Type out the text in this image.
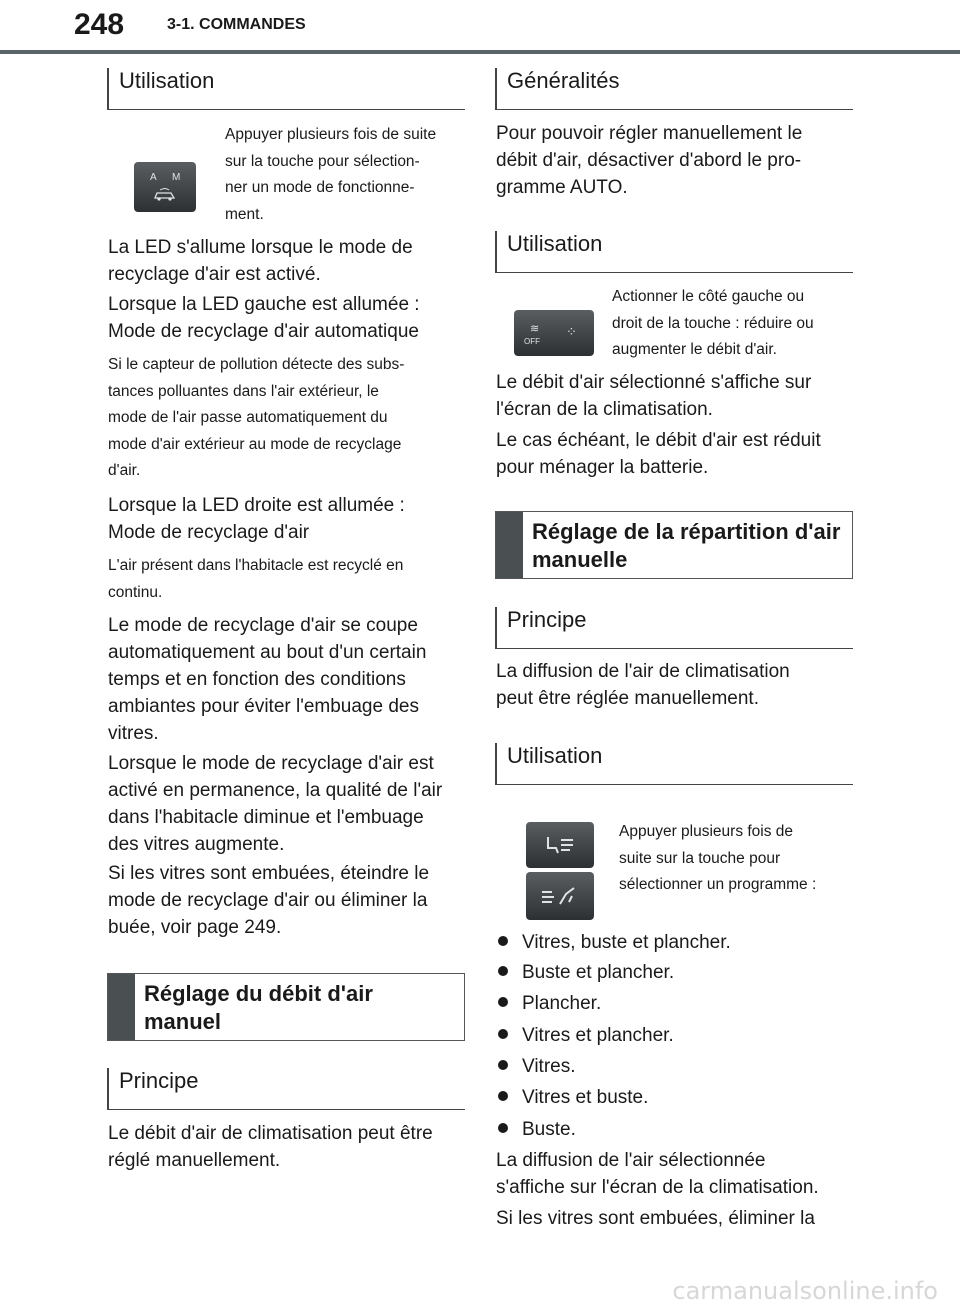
248	3-1. COMMANDES
Utilisation
A M
Appuyer plusieurs fois de suite
sur la touche pour sélection-
ner un mode de fonctionne-
ment.
La LED s'allume lorsque le mode de
recyclage d'air est activé.
Lorsque la LED gauche est allumée :
Mode de recyclage d'air automatique
Si le capteur de pollution détecte des subs-
tances polluantes dans l'air extérieur, le
mode de l'air passe automatiquement du
mode d'air extérieur au mode de recyclage
d'air.
Lorsque la LED droite est allumée :
Mode de recyclage d'air
L'air présent dans l'habitacle est recyclé en
continu.
Le mode de recyclage d'air se coupe
automatiquement au bout d'un certain
temps et en fonction des conditions
ambiantes pour éviter l'embuage des
vitres.
Lorsque le mode de recyclage d'air est
activé en permanence, la qualité de l'air
dans l'habitacle diminue et l'embuage
des vitres augmente.
Si les vitres sont embuées, éteindre le
mode de recyclage d'air ou éliminer la
buée, voir page 249.
Réglage du débit d'air
manuel
Principe
Le débit d'air de climatisation peut être
réglé manuellement.
Généralités
Pour pouvoir régler manuellement le
débit d'air, désactiver d'abord le pro-
gramme AUTO.
Utilisation
≋
OFF
⁘
Actionner le côté gauche ou
droit de la touche : réduire ou
augmenter le débit d'air.
Le débit d'air sélectionné s'affiche sur
l'écran de la climatisation.
Le cas échéant, le débit d'air est réduit
pour ménager la batterie.
Réglage de la répartition d'air
manuelle
Principe
La diffusion de l'air de climatisation
peut être réglée manuellement.
Utilisation
Appuyer plusieurs fois de
suite sur la touche pour
sélectionner un programme :
Vitres, buste et plancher.
Buste et plancher.
Plancher.
Vitres et plancher.
Vitres.
Vitres et buste.
Buste.
La diffusion de l'air sélectionnée
s'affiche sur l'écran de la climatisation.
Si les vitres sont embuées, éliminer la
carmanualsonline.info
